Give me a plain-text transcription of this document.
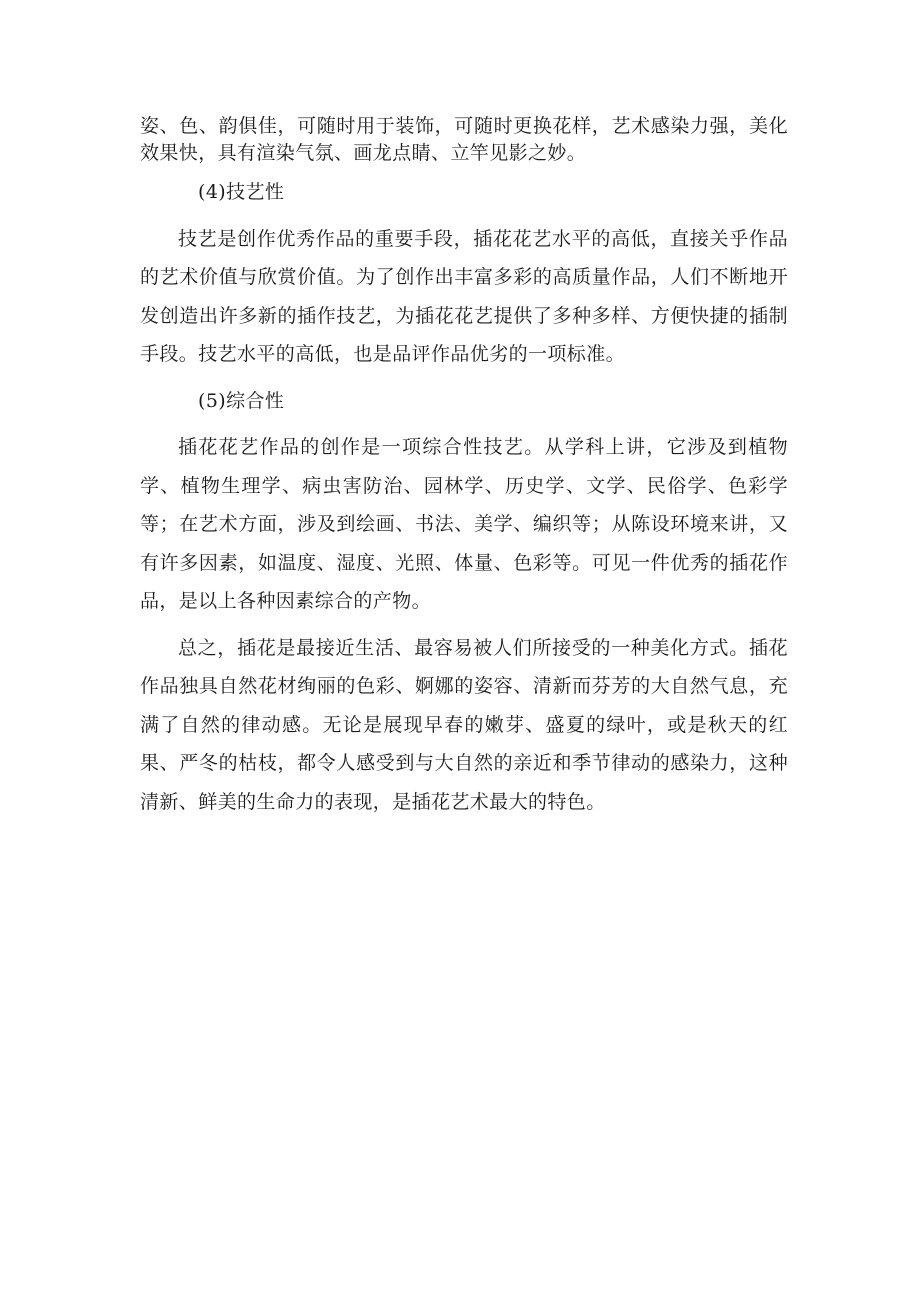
姿、色、韵俱佳，可随时用于装饰，可随时更换花样，艺术感染力强，美化效果快，具有渲染气氛、画龙点睛、立竿见影之妙。

(4)技艺性

技艺是创作优秀作品的重要手段，插花花艺水平的高低，直接关乎作品的艺术价值与欣赏价值。为了创作出丰富多彩的高质量作品，人们不断地开发创造出许多新的插作技艺，为插花花艺提供了多种多样、方便快捷的插制手段。技艺水平的高低，也是品评作品优劣的一项标准。

(5)综合性

插花花艺作品的创作是一项综合性技艺。从学科上讲，它涉及到植物学、植物生理学、病虫害防治、园林学、历史学、文学、民俗学、色彩学等；在艺术方面，涉及到绘画、书法、美学、编织等；从陈设环境来讲，又有许多因素，如温度、湿度、光照、体量、色彩等。可见一件优秀的插花作品，是以上各种因素综合的产物。

总之，插花是最接近生活、最容易被人们所接受的一种美化方式。插花作品独具自然花材绚丽的色彩、婀娜的姿容、清新而芬芳的大自然气息，充满了自然的律动感。无论是展现早春的嫩芽、盛夏的绿叶，或是秋天的红果、严冬的枯枝，都令人感受到与大自然的亲近和季节律动的感染力，这种清新、鲜美的生命力的表现，是插花艺术最大的特色。
